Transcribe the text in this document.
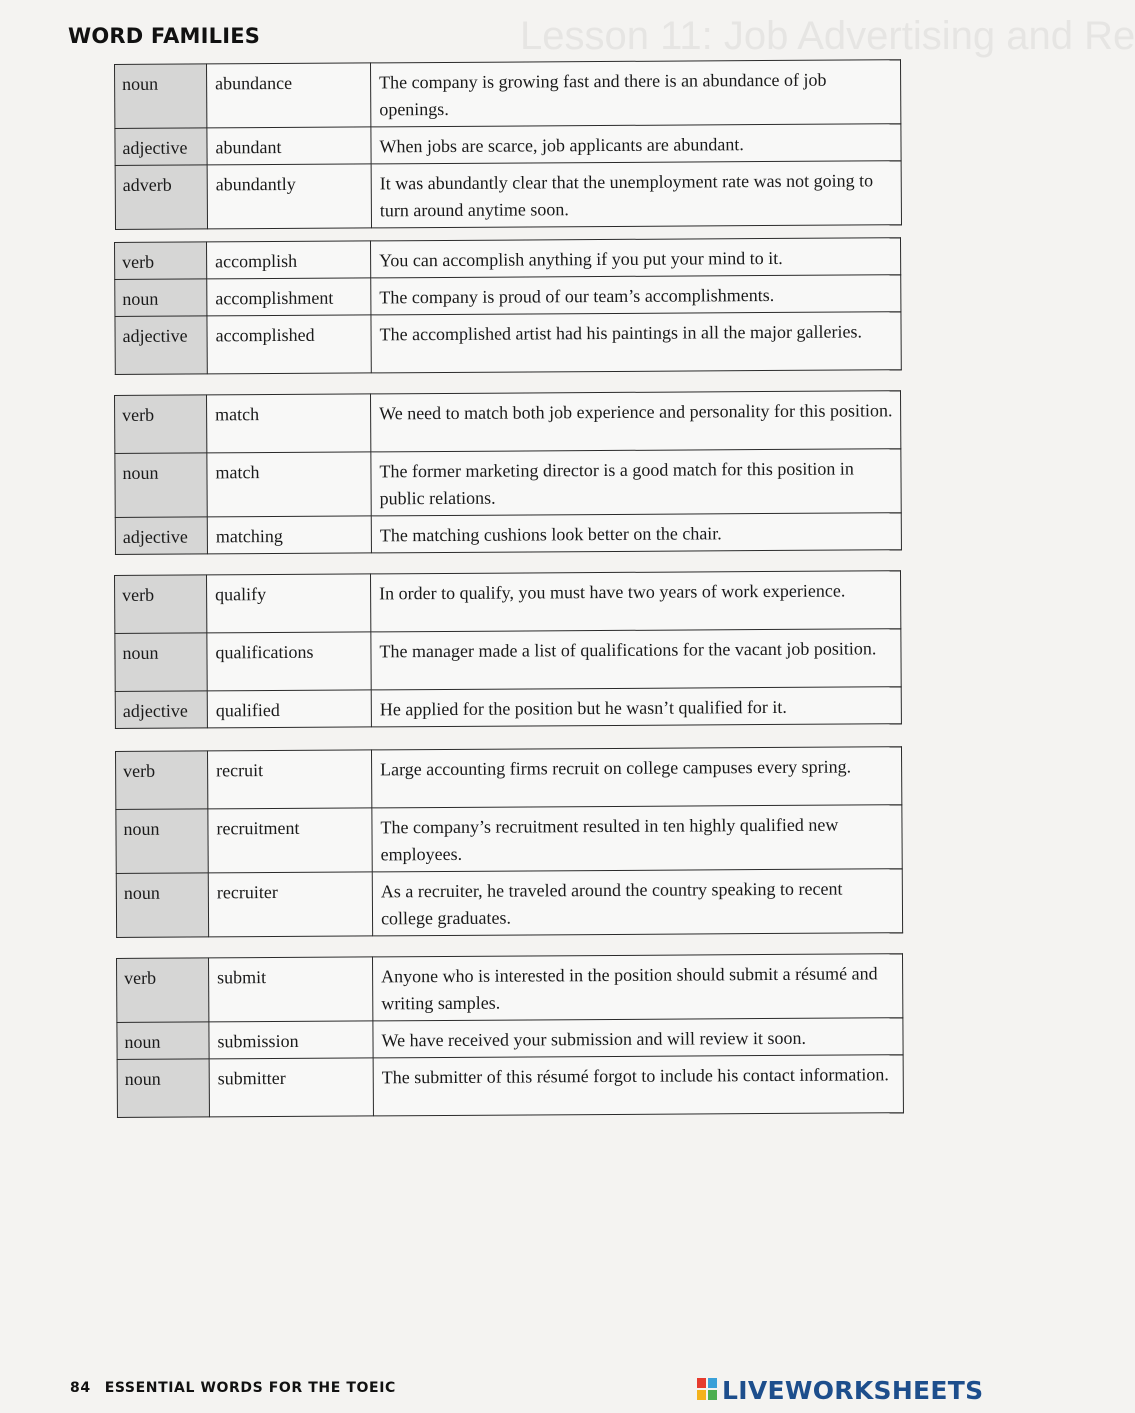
Lesson 11: Job Advertising and Re
WORD FAMILIES
noun	abundance	The company is growing fast and there is an abundance of job openings.
adjective	abundant	When jobs are scarce, job applicants are abundant.
adverb	abundantly	It was abundantly clear that the unemployment rate was not going to turn around anytime soon.
verb	accomplish	You can accomplish anything if you put your mind to it.
noun	accomplishment	The company is proud of our team’s accomplishments.
adjective	accomplished	The accomplished artist had his paintings in all the major galleries.
verb	match	We need to match both job experience and personality for this position.
noun	match	The former marketing director is a good match for this position in public relations.
adjective	matching	The matching cushions look better on the chair.
verb	qualify	In order to qualify, you must have two years of work experience.
noun	qualifications	The manager made a list of qualifications for the vacant job position.
adjective	qualified	He applied for the position but he wasn’t qualified for it.
verb	recruit	Large accounting firms recruit on college campuses every spring.
noun	recruitment	The company’s recruitment resulted in ten highly qualified new employees.
noun	recruiter	As a recruiter, he traveled around the country speaking to recent college graduates.
verb	submit	Anyone who is interested in the position should submit a résumé and writing samples.
noun	submission	We have received your submission and will review it soon.
noun	submitter	The submitter of this résumé forgot to include his contact information.
84 ESSENTIAL WORDS FOR THE TOEIC	LIVEWORKSHEETS
